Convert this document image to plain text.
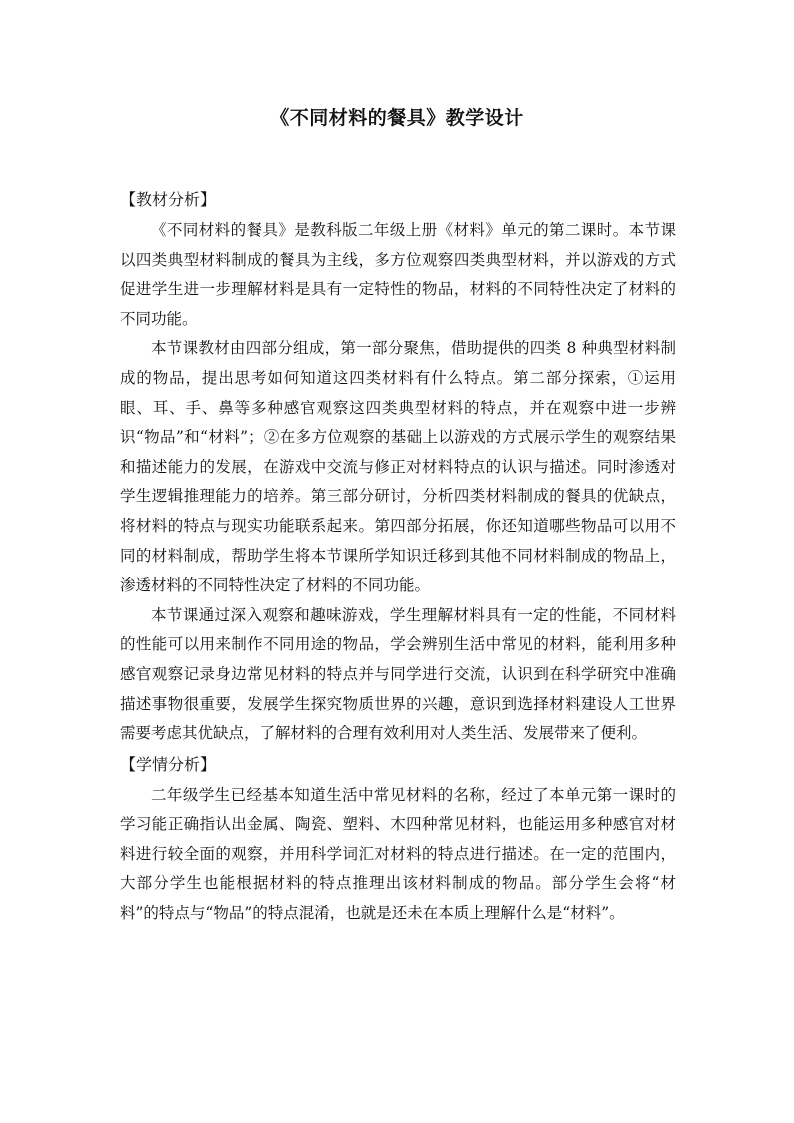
《不同材料的餐具》教学设计
【教材分析】

《不同材料的餐具》是教科版二年级上册《材料》单元的第二课时。本节课以四类典型材料制成的餐具为主线，多方位观察四类典型材料，并以游戏的方式促进学生进一步理解材料是具有一定特性的物品，材料的不同特性决定了材料的不同功能。

本节课教材由四部分组成，第一部分聚焦，借助提供的四类 8 种典型材料制成的物品，提出思考如何知道这四类材料有什么特点。第二部分探索，①运用眼、耳、手、鼻等多种感官观察这四类典型材料的特点，并在观察中进一步辨识“物品”和“材料”；②在多方位观察的基础上以游戏的方式展示学生的观察结果和描述能力的发展，在游戏中交流与修正对材料特点的认识与描述。同时渗透对学生逻辑推理能力的培养。第三部分研讨，分析四类材料制成的餐具的优缺点，将材料的特点与现实功能联系起来。第四部分拓展，你还知道哪些物品可以用不同的材料制成，帮助学生将本节课所学知识迁移到其他不同材料制成的物品上，渗透材料的不同特性决定了材料的不同功能。

本节课通过深入观察和趣味游戏，学生理解材料具有一定的性能，不同材料的性能可以用来制作不同用途的物品，学会辨别生活中常见的材料，能利用多种感官观察记录身边常见材料的特点并与同学进行交流，认识到在科学研究中准确描述事物很重要，发展学生探究物质世界的兴趣，意识到选择材料建设人工世界需要考虑其优缺点，了解材料的合理有效利用对人类生活、发展带来了便利。

【学情分析】

二年级学生已经基本知道生活中常见材料的名称，经过了本单元第一课时的学习能正确指认出金属、陶瓷、塑料、木四种常见材料，也能运用多种感官对材料进行较全面的观察，并用科学词汇对材料的特点进行描述。在一定的范围内，大部分学生也能根据材料的特点推理出该材料制成的物品。部分学生会将“材料”的特点与“物品”的特点混淆，也就是还未在本质上理解什么是“材料”。
